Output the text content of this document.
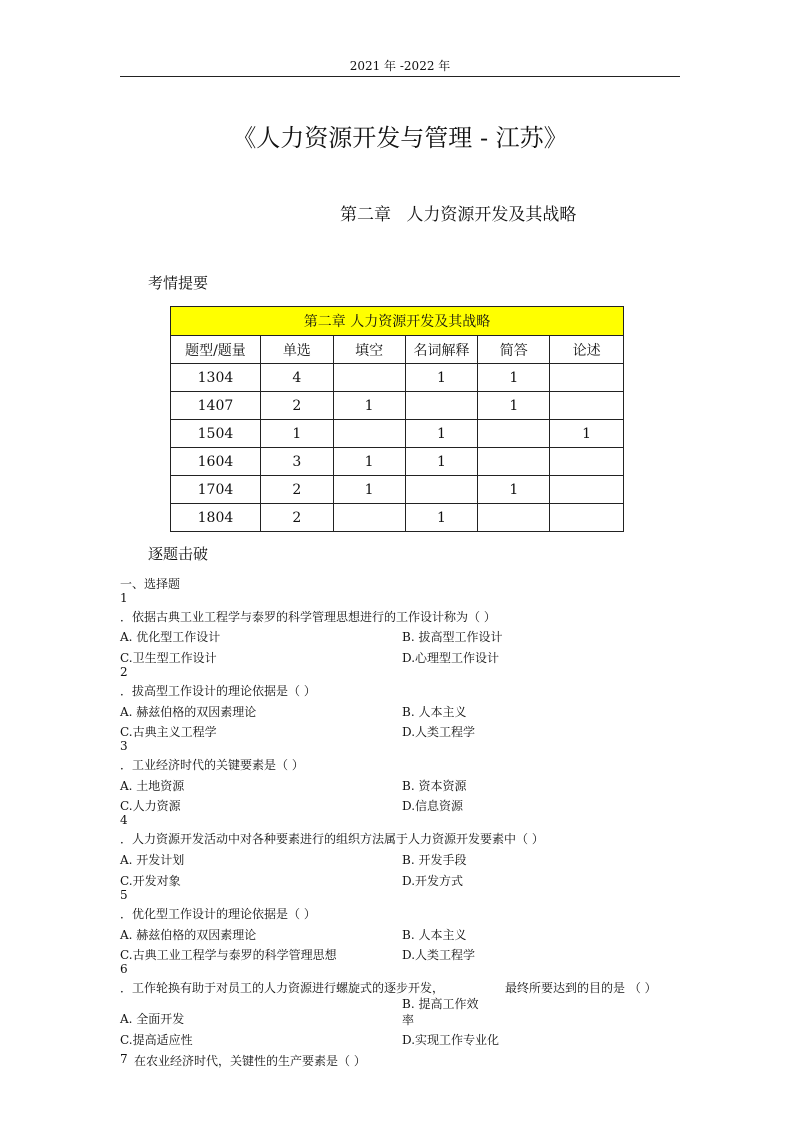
2021 年 -2022 年
《人力资源开发与管理 - 江苏》
第二章 人力资源开发及其战略
考情提要
第二章 人力资源开发及其战略					
题型/题量	单选	填空	名词解释	简答	论述
1304	4		1	1	
1407	2	1		1	
1504	1		1		1
1604	3	1	1		
1704	2	1		1	
1804	2		1		
逐题击破
一、选择题
1
．依据古典工业工程学与泰罗的科学管理思想进行的工作设计称为（ ）
A. 优化型工作设计	B. 拔高型工作设计
C.卫生型工作设计	D.心理型工作设计
2
．拔高型工作设计的理论依据是（ ）
A. 赫兹伯格的双因素理论	B. 人本主义
C.古典主义工程学	D.人类工程学
3
．工业经济时代的关键要素是（ ）
A. 土地资源	B. 资本资源
C.人力资源	D.信息资源
4
．人力资源开发活动中对各种要素进行的组织方法属于人力资源开发要素中（ ）
A. 开发计划	B. 开发手段
C.开发对象	D.开发方式
5
．优化型工作设计的理论依据是（ ）
A. 赫兹伯格的双因素理论	B. 人本主义
C.古典工业工程学与泰罗的科学管理思想	D.人类工程学
6
．工作轮换有助于对员工的人力资源进行螺旋式的逐步开发，	最终所要达到的目的是 （ ）
B. 提高工作效
A. 全面开发	率
C.提高适应性	D.实现工作专业化
7 在农业经济时代，关键性的生产要素是（ ）
